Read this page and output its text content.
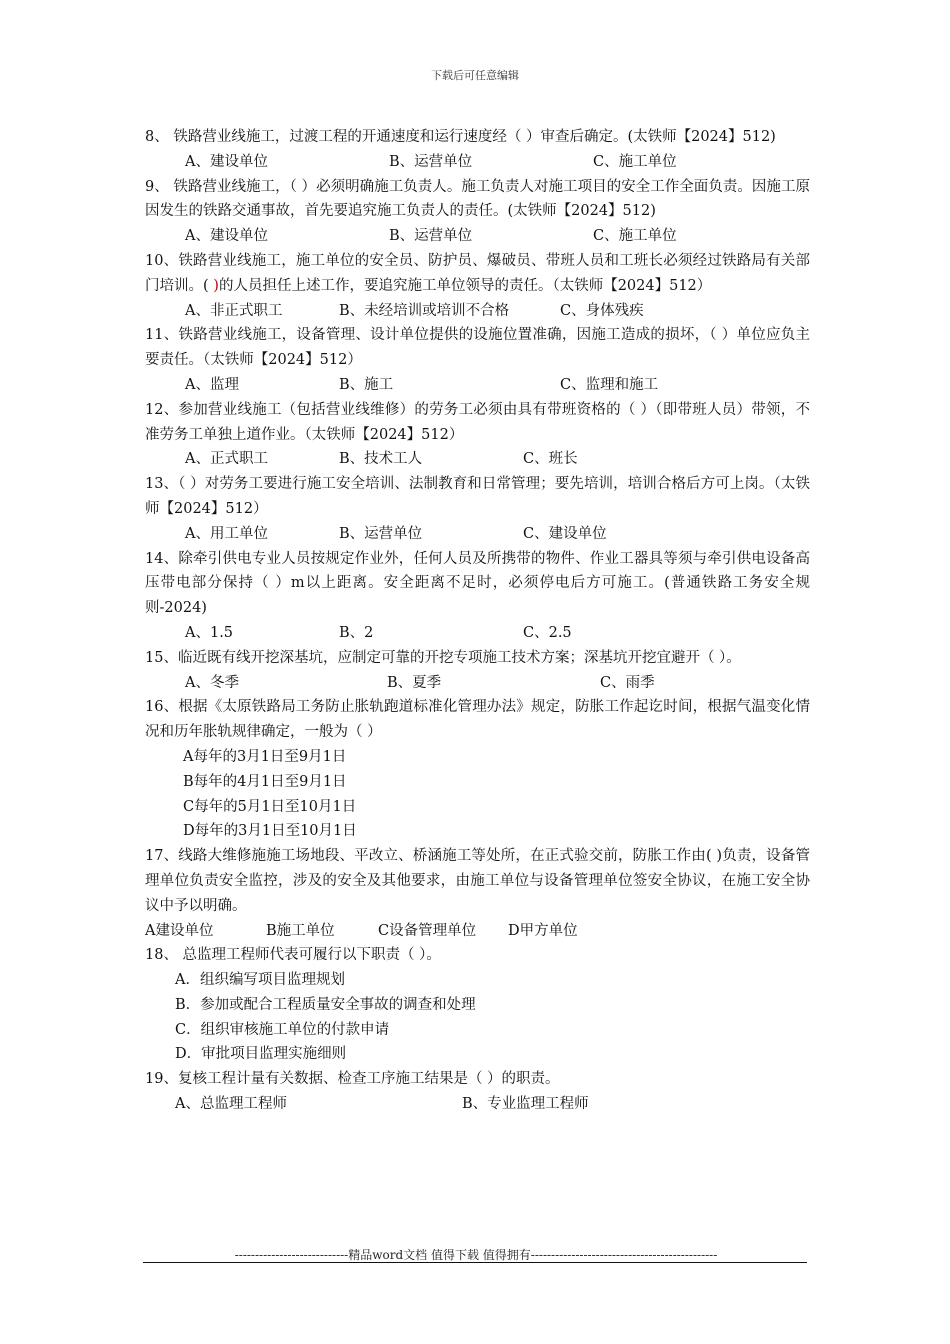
下载后可任意编辑
8、 铁路营业线施工，过渡工程的开通速度和运行速度经（ ）审查后确定。(太铁师【2024】512)
A、建设单位	B、运营单位	C、施工单位
9、 铁路营业线施工，（ ）必须明确施工负责人。施工负责人对施工项目的安全工作全面负责。因施工原因发生的铁路交通事故，首先要追究施工负责人的责任。(太铁师【2024】512)
A、建设单位	B、运营单位	C、施工单位
10、铁路营业线施工，施工单位的安全员、防护员、爆破员、带班人员和工班长必须经过铁路局有关部门培训。( )的人员担任上述工作，要追究施工单位领导的责任。（太铁师【2024】512）
A、非正式职工	B、未经培训或培训不合格	C、身体残疾
11、铁路营业线施工，设备管理、设计单位提供的设施位置准确，因施工造成的损坏，（ ）单位应负主要责任。（太铁师【2024】512）
A、监理	B、施工	C、监理和施工
12、参加营业线施工（包括营业线维修）的劳务工必须由具有带班资格的（ ）（即带班人员）带领，不准劳务工单独上道作业。（太铁师【2024】512）
A、正式职工	B、技术工人	C、班长
13、（ ）对劳务工要进行施工安全培训、法制教育和日常管理；要先培训，培训合格后方可上岗。（太铁师【2024】512）
A、用工单位	B、运营单位	C、建设单位
14、除牵引供电专业人员按规定作业外，任何人员及所携带的物件、作业工器具等须与牵引供电设备高压带电部分保持（ ）m以上距离。安全距离不足时，必须停电后方可施工。(普通铁路工务安全规则-2024)
A、1.5	B、2	C、2.5
15、临近既有线开挖深基坑，应制定可靠的开挖专项施工技术方案；深基坑开挖宜避开（ ）。
A、冬季	B、夏季	C、雨季
16、根据《太原铁路局工务防止胀轨跑道标准化管理办法》规定，防胀工作起讫时间，根据气温变化情况和历年胀轨规律确定，一般为（ ）
A每年的3月1日至9月1日
B每年的4月1日至9月1日
C每年的5月1日至10月1日
D每年的3月1日至10月1日
17、线路大维修施施工场地段、平改立、桥涵施工等处所，在正式验交前，防胀工作由( )负责，设备管理单位负责安全监控，涉及的安全及其他要求，由施工单位与设备管理单位签安全协议，在施工安全协议中予以明确。
A建设单位	B施工单位	C设备管理单位	D甲方单位
18、 总监理工程师代表可履行以下职责（ ）。
A．组织编写项目监理规划
B．参加或配合工程质量安全事故的调查和处理
C．组织审核施工单位的付款申请
D．审批项目监理实施细则
19、复核工程计量有关数据、检查工序施工结果是（ ）的职责。
A、总监理工程师	B、专业监理工程师
----------------------------精品word文档 值得下载 值得拥有----------------------------------------------
